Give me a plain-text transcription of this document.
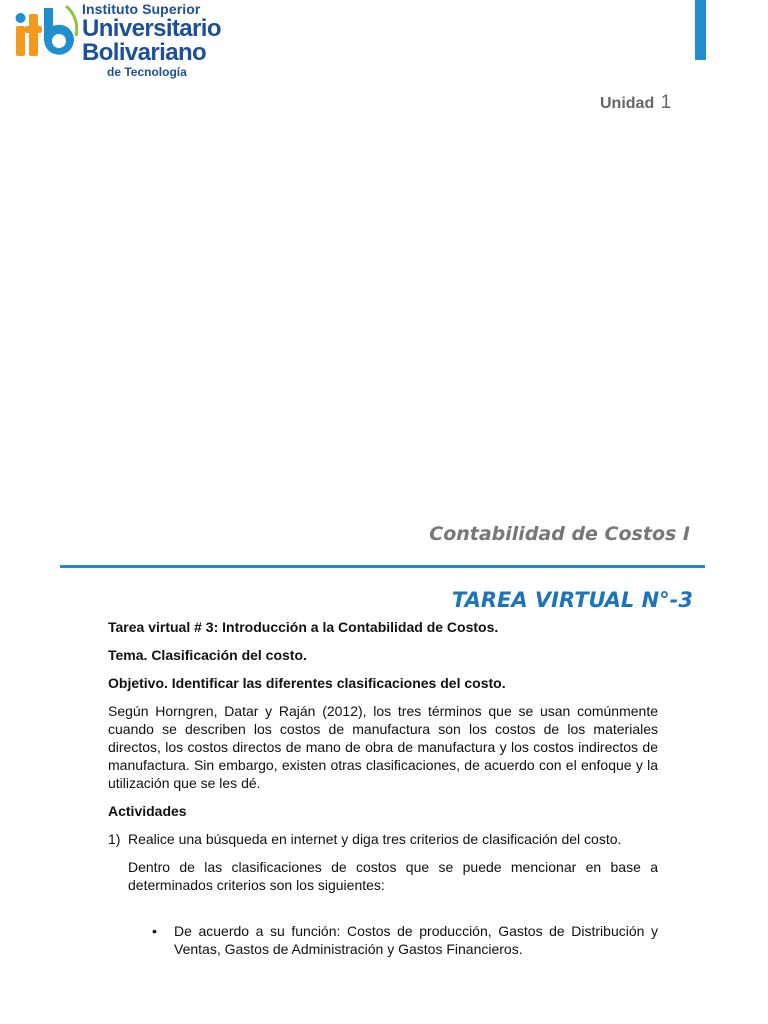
Instituto Superior
Universitario
Bolivariano
de Tecnología
Unidad 1
Contabilidad de Costos I
TAREA VIRTUAL N°-3

Tarea virtual # 3: Introducción a la Contabilidad de Costos.

Tema. Clasificación del costo.

Objetivo. Identificar las diferentes clasificaciones del costo.

Según Horngren, Datar y Raján (2012), los tres términos que se usan comúnmente cuando se describen los costos de manufactura son los costos de los materiales directos, los costos directos de mano de obra de manufactura y los costos indirectos de manufactura. Sin embargo, existen otras clasificaciones, de acuerdo con el enfoque y la utilización que se les dé.

Actividades

1) Realice una búsqueda en internet y diga tres criterios de clasificación del costo.

Dentro de las clasificaciones de costos que se puede mencionar en base a determinados criterios son los siguientes:

•	De acuerdo a su función: Costos de producción, Gastos de Distribución y Ventas, Gastos de Administración y Gastos Financieros.
